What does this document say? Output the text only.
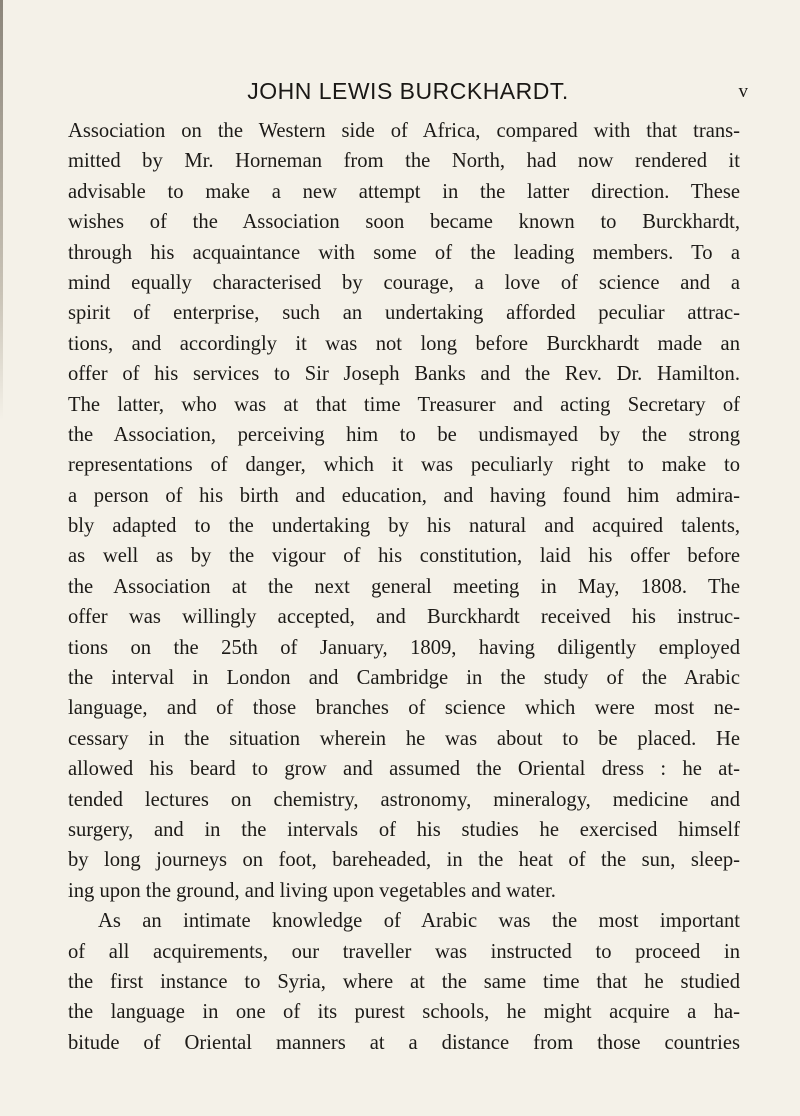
JOHN LEWIS BURCKHARDT.	v
Association on the Western side of Africa, compared with that trans-
mitted by Mr. Horneman from the North, had now rendered it
advisable to make a new attempt in the latter direction. These
wishes of the Association soon became known to Burckhardt,
through his acquaintance with some of the leading members. To a
mind equally characterised by courage, a love of science and a
spirit of enterprise, such an undertaking afforded peculiar attrac-
tions, and accordingly it was not long before Burckhardt made an
offer of his services to Sir Joseph Banks and the Rev. Dr. Hamilton.
The latter, who was at that time Treasurer and acting Secretary of
the Association, perceiving him to be undismayed by the strong
representations of danger, which it was peculiarly right to make to
a person of his birth and education, and having found him admira-
bly adapted to the undertaking by his natural and acquired talents,
as well as by the vigour of his constitution, laid his offer before
the Association at the next general meeting in May, 1808. The
offer was willingly accepted, and Burckhardt received his instruc-
tions on the 25th of January, 1809, having diligently employed
the interval in London and Cambridge in the study of the Arabic
language, and of those branches of science which were most ne-
cessary in the situation wherein he was about to be placed. He
allowed his beard to grow and assumed the Oriental dress : he at-
tended lectures on chemistry, astronomy, mineralogy, medicine and
surgery, and in the intervals of his studies he exercised himself
by long journeys on foot, bareheaded, in the heat of the sun, sleep-
ing upon the ground, and living upon vegetables and water.
As an intimate knowledge of Arabic was the most important
of all acquirements, our traveller was instructed to proceed in
the first instance to Syria, where at the same time that he studied
the language in one of its purest schools, he might acquire a ha-
bitude of Oriental manners at a distance from those countries
